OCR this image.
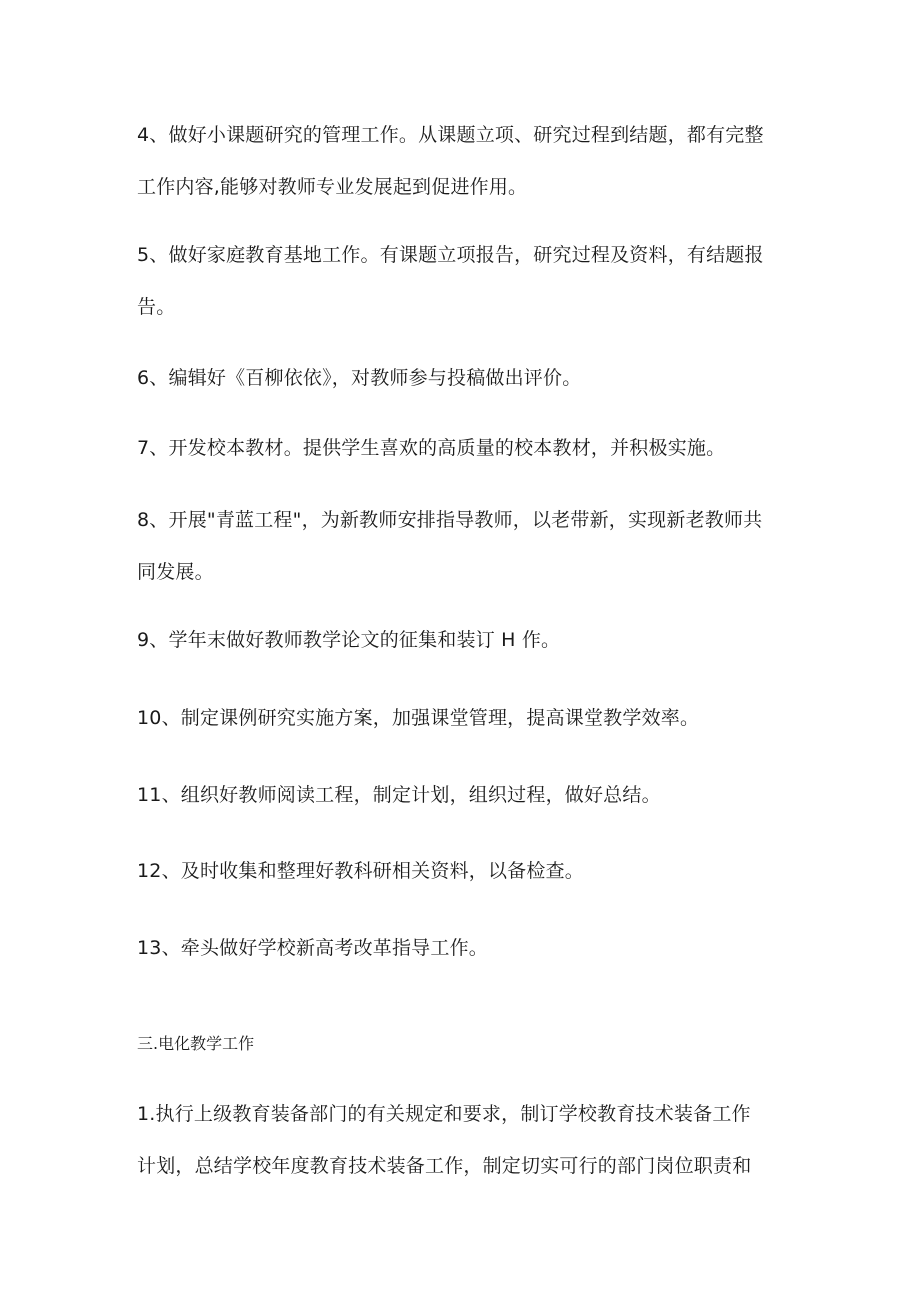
4、做好小课题研究的管理工作。从课题立项、研究过程到结题，都有完整
工作内容,能够对教师专业发展起到促进作用。

5、做好家庭教育基地工作。有课题立项报告，研究过程及资料，有结题报
告。

6、编辑好《百柳依依》，对教师参与投稿做出评价。

7、开发校本教材。提供学生喜欢的高质量的校本教材，并积极实施。

8、开展"青蓝工程"，为新教师安排指导教师，以老带新，实现新老教师共
同发展。

9、学年末做好教师教学论文的征集和装订 H 作。

10、制定课例研究实施方案，加强课堂管理，提高课堂教学效率。

11、组织好教师阅读工程，制定计划，组织过程，做好总结。

12、及时收集和整理好教科研相关资料，以备检查。

13、牵头做好学校新高考改革指导工作。

三.电化教学工作

1.执行上级教育装备部门的有关规定和要求，制订学校教育技术装备工作
计划，总结学校年度教育技术装备工作，制定切实可行的部门岗位职责和
